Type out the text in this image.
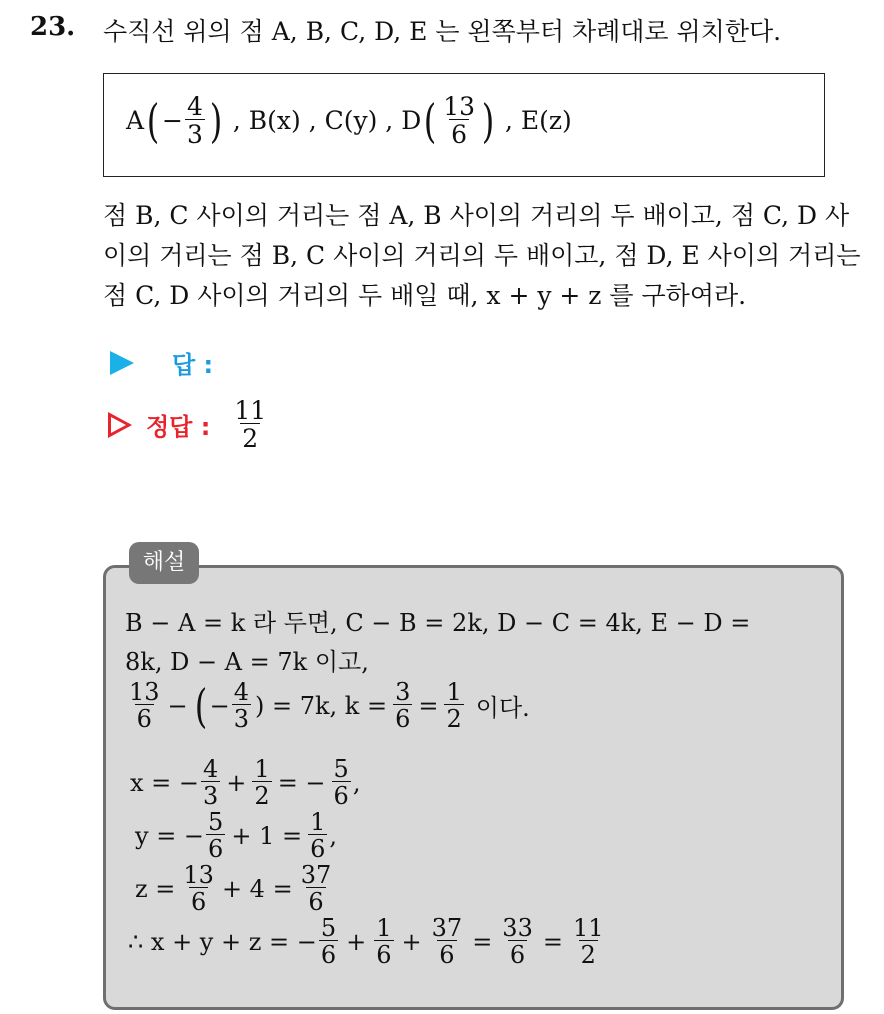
23. 수직선 위의 점 A, B, C, D, E 는 왼쪽부터 차례대로 위치한다.
A ( − $\frac{4}{3}$ ) , B(x) , C(y) , D ( $\frac{13}{6}$ ) , E(z)
점 B, C 사이의 거리는 점 A, B 사이의 거리의 두 배이고, 점 C, D 사
이의 거리는 점 B, C 사이의 거리의 두 배이고, 점 D, E 사이의 거리는
점 C, D 사이의 거리의 두 배일 때, x + y + z 를 구하여라.
답 :
정답 : $\frac{11}{2}$
해설
B − A = k 라 두면, C − B = 2k, D − C = 4k, E − D =
8k, D − A = 7k 이고,
$\frac{13}{6}$ − ( − $\frac{4}{3}$ ) = 7k, $k = \frac{3}{6} = \frac{1}{2}$ 이다.
x = − $\frac{4}{3} + \frac{1}{2}$ = − $\frac{5}{6}$ ,
y = − $\frac{5}{6} + 1 = \frac{1}{6}$ ,
$z = \frac{13}{6} + 4 = \frac{37}{6}$
∴ x + y + z = − $\frac{5}{6} + \frac{1}{6} + \frac{37}{6} = \frac{33}{6} = \frac{11}{2}$
